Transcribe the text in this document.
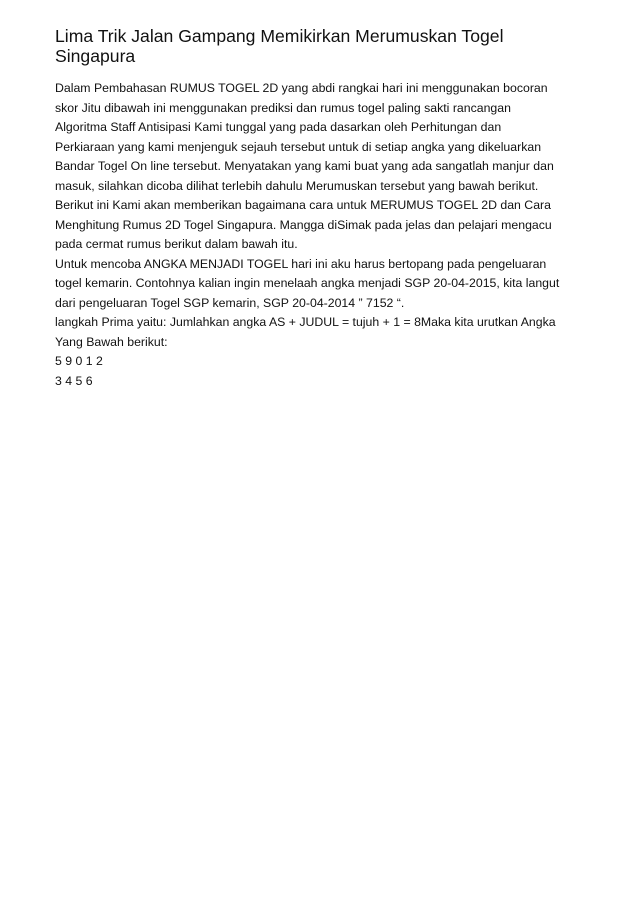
Lima Trik Jalan Gampang Memikirkan Merumuskan Togel
Singapura
Dalam Pembahasan RUMUS TOGEL 2D yang abdi rangkai hari ini menggunakan bocoran
skor Jitu dibawah ini menggunakan prediksi dan rumus togel paling sakti rancangan
Algoritma Staff Antisipasi Kami tunggal yang pada dasarkan oleh Perhitungan dan
Perkiaraan yang kami menjenguk sejauh tersebut untuk di setiap angka yang dikeluarkan
Bandar Togel On line tersebut. Menyatakan yang kami buat yang ada sangatlah manjur dan
masuk, silahkan dicoba dilihat terlebih dahulu Merumuskan tersebut yang bawah berikut.
Berikut ini Kami akan memberikan bagaimana cara untuk MERUMUS TOGEL 2D dan Cara
Menghitung Rumus 2D Togel Singapura. Mangga diSimak pada jelas dan pelajari mengacu
pada cermat rumus berikut dalam bawah itu.
Untuk mencoba ANGKA MENJADI TOGEL hari ini aku harus bertopang pada pengeluaran
togel kemarin. Contohnya kalian ingin menelaah angka menjadi SGP 20-04-2015, kita langut
dari pengeluaran Togel SGP kemarin, SGP 20-04-2014 ” 7152 “.
langkah Prima yaitu: Jumlahkan angka AS + JUDUL = tujuh + 1 = 8Maka kita urutkan Angka
Yang Bawah berikut:
5 9 0 1 2
3 4 5 6
